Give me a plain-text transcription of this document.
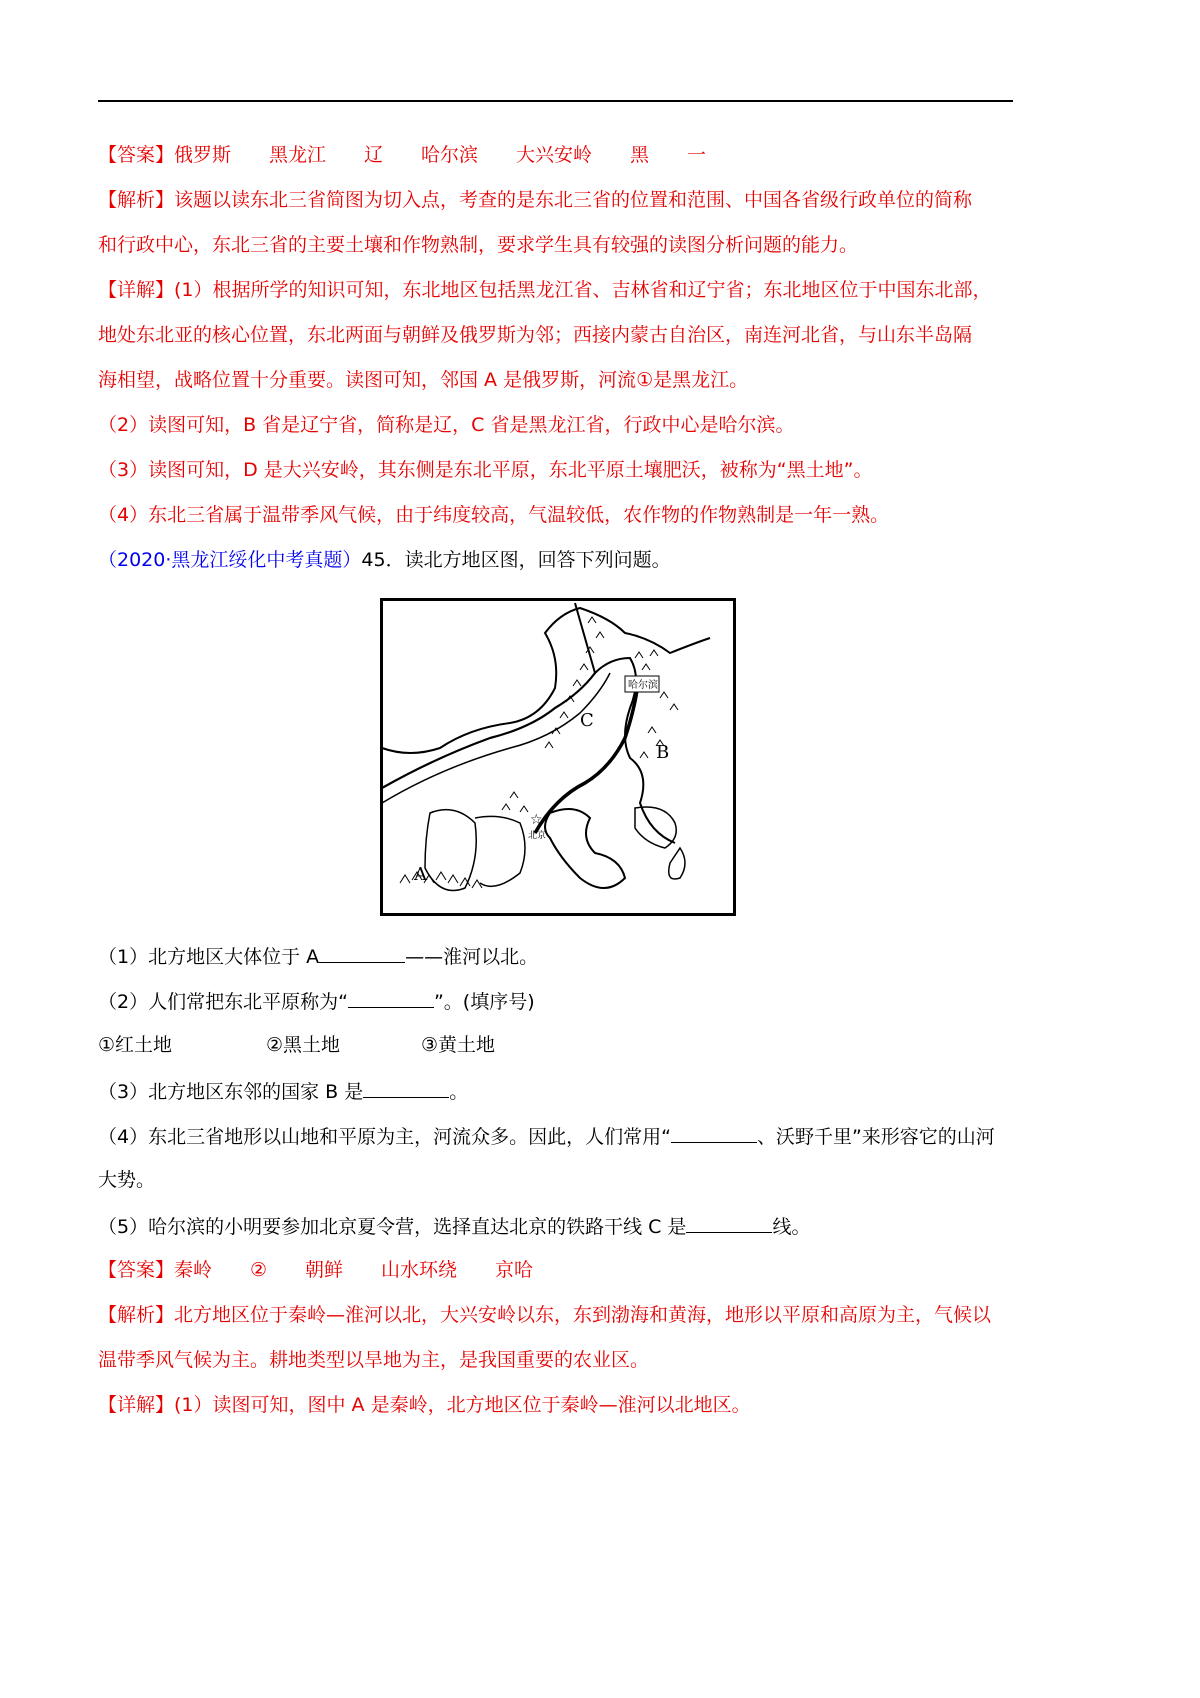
【答案】俄罗斯　　黑龙江　　辽　　哈尔滨　　大兴安岭　　黑　　一
【解析】该题以读东北三省简图为切入点，考查的是东北三省的位置和范围、中国各省级行政单位的简称
和行政中心，东北三省的主要土壤和作物熟制，要求学生具有较强的读图分析问题的能力。
【详解】(1）根据所学的知识可知，东北地区包括黑龙江省、吉林省和辽宁省；东北地区位于中国东北部，
地处东北亚的核心位置，东北两面与朝鲜及俄罗斯为邻；西接内蒙古自治区，南连河北省，与山东半岛隔
海相望，战略位置十分重要。读图可知，邻国 A 是俄罗斯，河流①是黑龙江。
（2）读图可知，B 省是辽宁省，简称是辽，C 省是黑龙江省，行政中心是哈尔滨。
（3）读图可知，D 是大兴安岭，其东侧是东北平原，东北平原土壤肥沃，被称为“黑土地”。
（4）东北三省属于温带季风气候，由于纬度较高，气温较低，农作物的作物熟制是一年一熟。
（2020·黑龙江绥化中考真题）45．读北方地区图，回答下列问题。
☆
北京
哈尔滨
C
B
A
（1）北方地区大体位于 A	——淮河以北。
（2）人们常把东北平原称为“	”。(填序号)
①红土地	②黑土地	③黄土地
（3）北方地区东邻的国家 B 是	。
（4）东北三省地形以山地和平原为主，河流众多。因此，人们常用“	、沃野千里”来形容它的山河
大势。
（5）哈尔滨的小明要参加北京夏令营，选择直达北京的铁路干线 C 是	线。
【答案】秦岭　　②　　朝鲜　　山水环绕　　京哈
【解析】北方地区位于秦岭—淮河以北，大兴安岭以东，东到渤海和黄海，地形以平原和高原为主，气候以
温带季风气候为主。耕地类型以旱地为主，是我国重要的农业区。
【详解】(1）读图可知，图中 A 是秦岭，北方地区位于秦岭—淮河以北地区。
